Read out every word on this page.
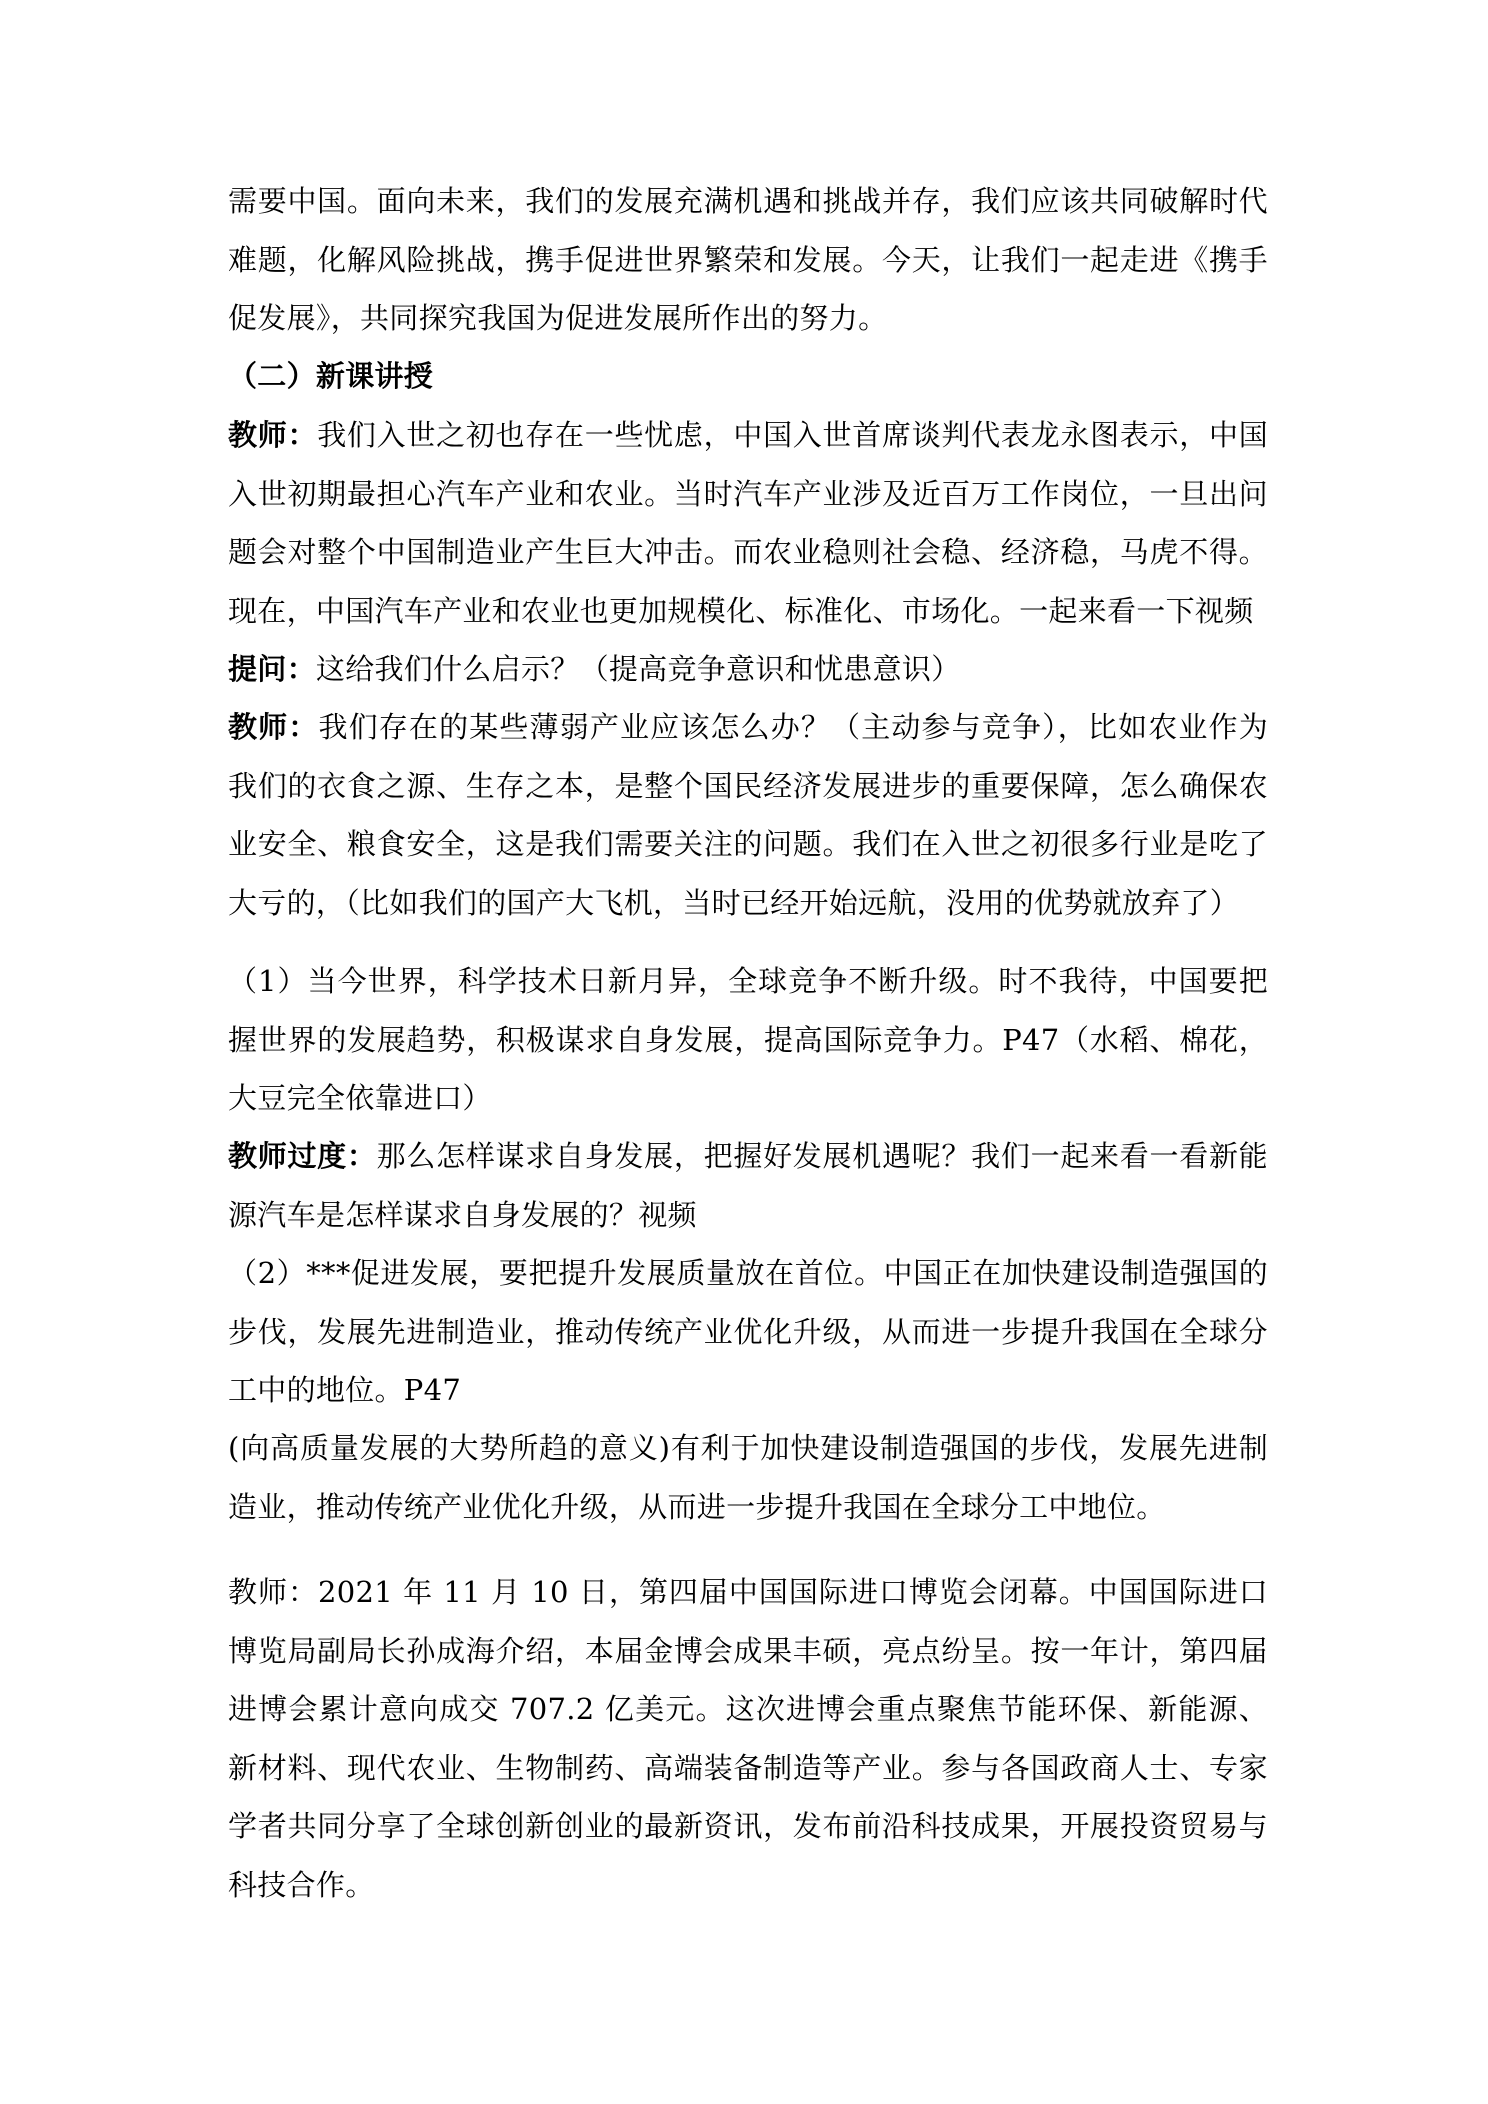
需要中国。面向未来，我们的发展充满机遇和挑战并存，我们应该共同破解时代难题，化解风险挑战，携手促进世界繁荣和发展。今天，让我们一起走进《携手促发展》，共同探究我国为促进发展所作出的努力。

（二）新课讲授

教师：我们入世之初也存在一些忧虑，中国入世首席谈判代表龙永图表示，中国入世初期最担心汽车产业和农业。当时汽车产业涉及近百万工作岗位，一旦出问题会对整个中国制造业产生巨大冲击。而农业稳则社会稳、经济稳，马虎不得。现在，中国汽车产业和农业也更加规模化、标准化、市场化。一起来看一下视频

提问：这给我们什么启示？（提高竞争意识和忧患意识）

教师：我们存在的某些薄弱产业应该怎么办？（主动参与竞争），比如农业作为我们的衣食之源、生存之本，是整个国民经济发展进步的重要保障，怎么确保农业安全、粮食安全，这是我们需要关注的问题。我们在入世之初很多行业是吃了大亏的，（比如我们的国产大飞机，当时已经开始远航，没用的优势就放弃了）

（1）当今世界，科学技术日新月异，全球竞争不断升级。时不我待，中国要把握世界的发展趋势，积极谋求自身发展，提高国际竞争力。P47（水稻、棉花，大豆完全依靠进口）

教师过度：那么怎样谋求自身发展，把握好发展机遇呢？我们一起来看一看新能源汽车是怎样谋求自身发展的？视频

（2）***促进发展，要把提升发展质量放在首位。中国正在加快建设制造强国的步伐，发展先进制造业，推动传统产业优化升级，从而进一步提升我国在全球分工中的地位。P47

(向高质量发展的大势所趋的意义)有利于加快建设制造强国的步伐，发展先进制造业，推动传统产业优化升级，从而进一步提升我国在全球分工中地位。

教师：2021 年 11 月 10 日，第四届中国国际进口博览会闭幕。中国国际进口博览局副局长孙成海介绍，本届金博会成果丰硕，亮点纷呈。按一年计，第四届进博会累计意向成交 707.2 亿美元。这次进博会重点聚焦节能环保、新能源、新材料、现代农业、生物制药、高端装备制造等产业。参与各国政商人士、专家学者共同分享了全球创新创业的最新资讯，发布前沿科技成果，开展投资贸易与科技合作。
